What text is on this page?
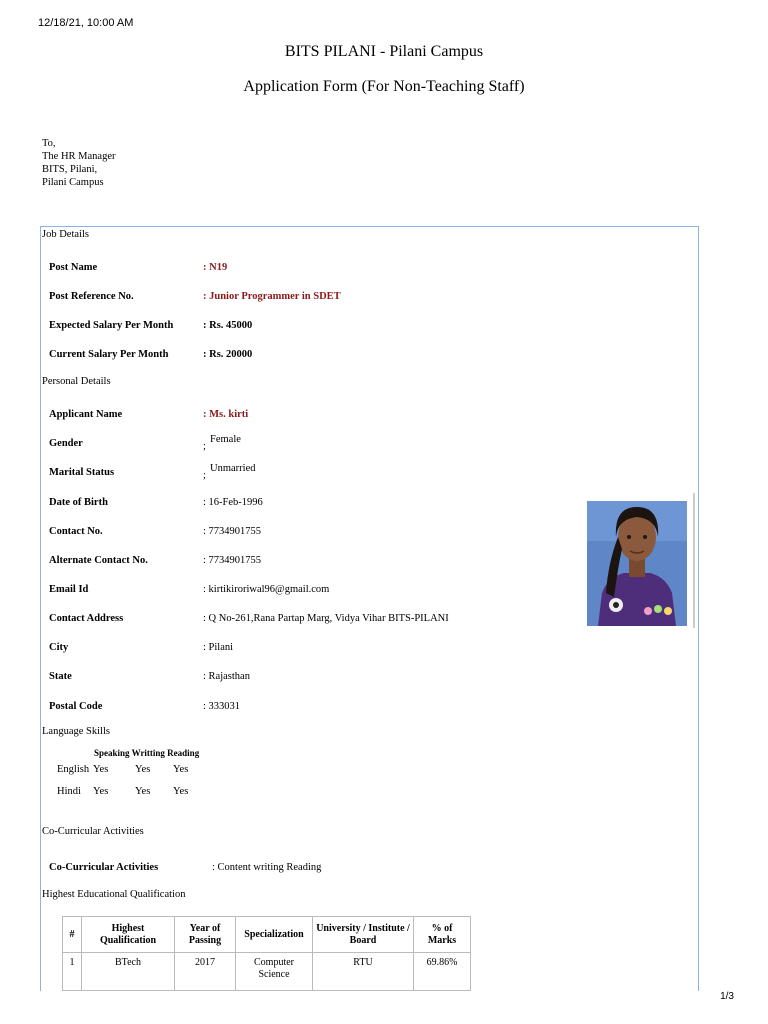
12/18/21, 10:00 AM
BITS PILANI - Pilani Campus
Application Form (For Non-Teaching Staff)
To,
The HR Manager
BITS, Pilani,
Pilani Campus
Job Details
Post Name	: N19
Post Reference No.	: Junior Programmer in SDET
Expected Salary Per Month	: Rs. 45000
Current Salary Per Month	: Rs. 20000
Personal Details
Applicant Name	: Ms. kirti
Gender	;
Female
Marital Status	;
Unmarried
Date of Birth	: 16-Feb-1996
Contact No.	: 7734901755
Alternate Contact No.	: 7734901755
Email Id	: kirtikiroriwal96@gmail.com
Contact Address	: Q No-261,Rana Partap Marg, Vidya Vihar BITS-PILANI
City	: Pilani
State	: Rajasthan
Postal Code	: 333031
Language Skills
Speaking Writting Reading
English Yes	Yes Yes
Hindi Yes	Yes Yes
Co-Curricular Activities
Co-Curricular Activities	: Content writing Reading
Highest Educational Qualification
#	Highest Qualification	Year of Passing	Specialization	University / Institute / Board	% of Marks
1	BTech	2017	Computer Science	RTU	69.86%
1/3
